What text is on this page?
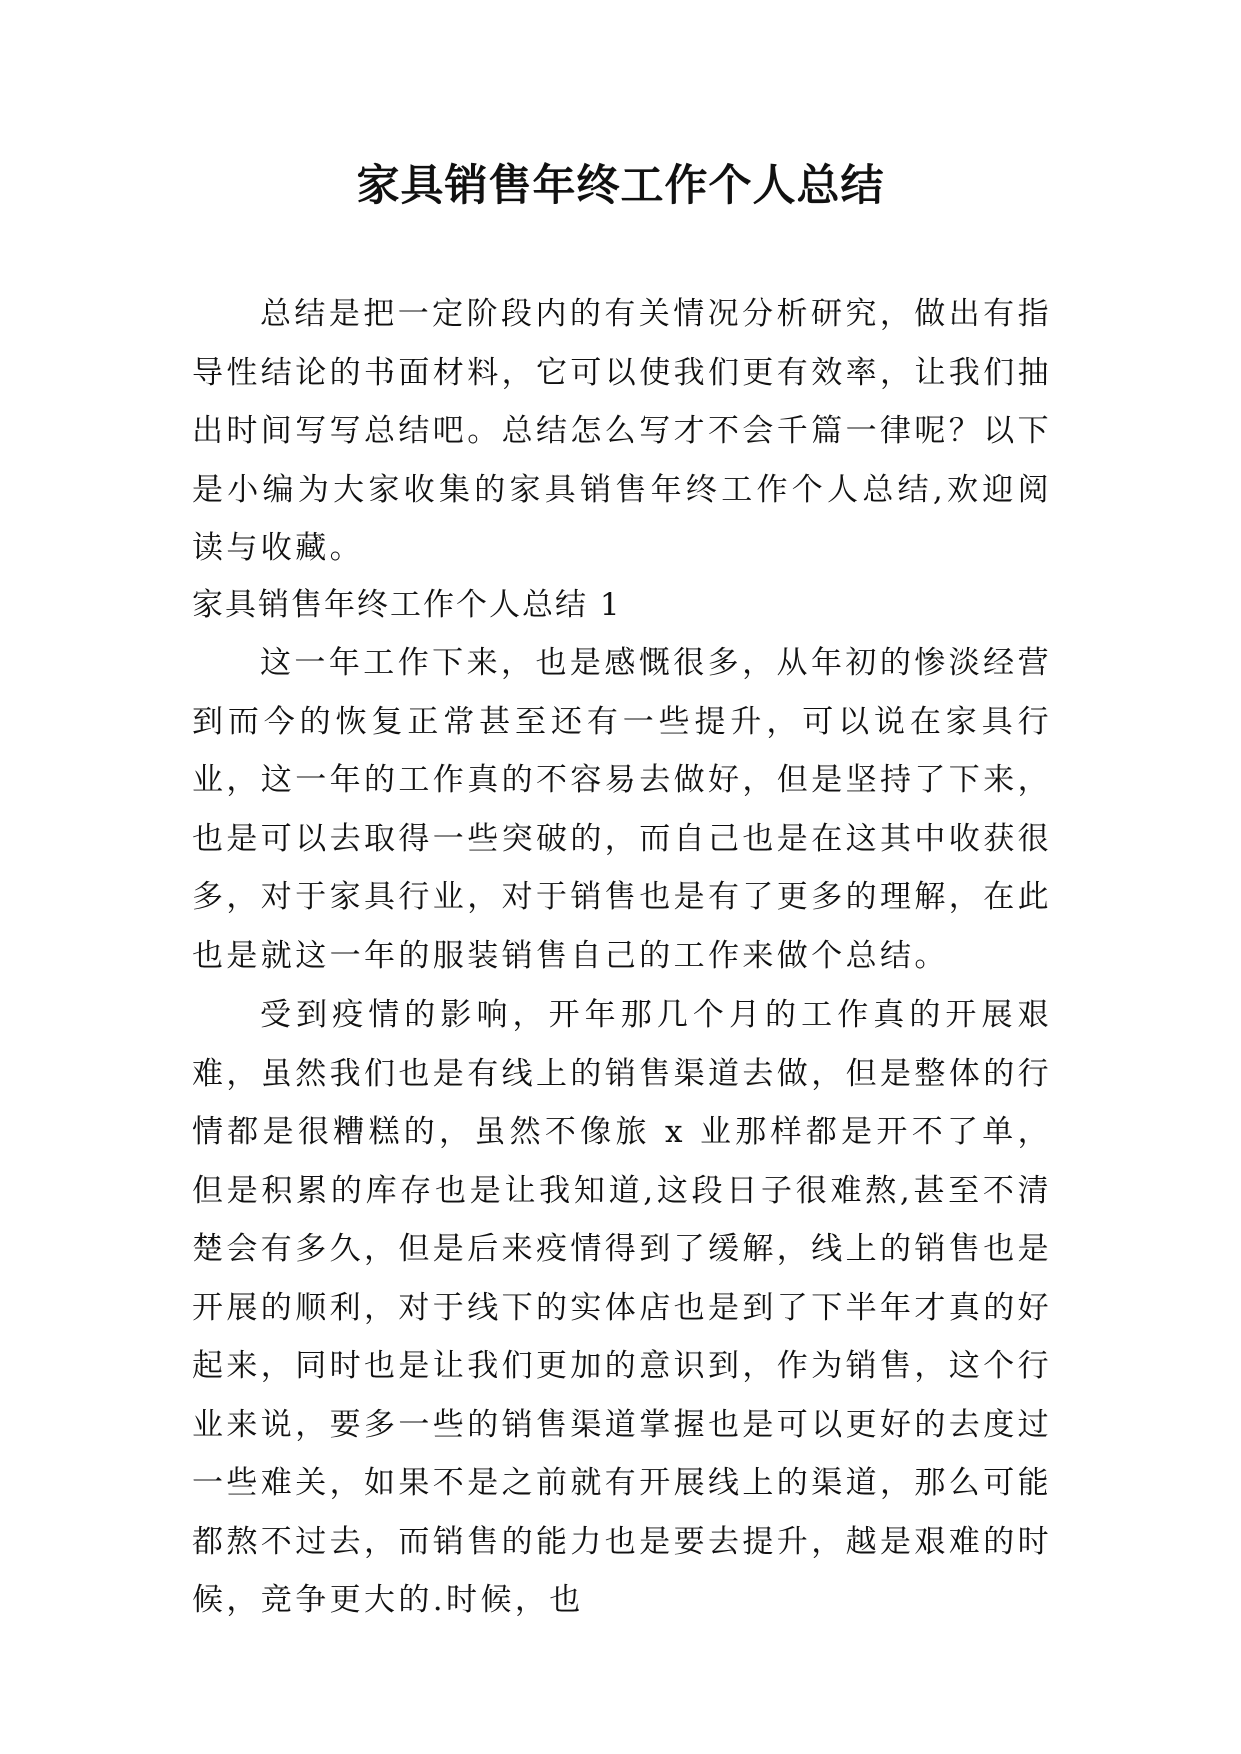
家具销售年终工作个人总结

总结是把一定阶段内的有关情况分析研究，做出有指导性结论的书面材料，它可以使我们更有效率，让我们抽出时间写写总结吧。总结怎么写才不会千篇一律呢？以下是小编为大家收集的家具销售年终工作个人总结,欢迎阅读与收藏。

家具销售年终工作个人总结 1

这一年工作下来，也是感慨很多，从年初的惨淡经营到而今的恢复正常甚至还有一些提升，可以说在家具行业，这一年的工作真的不容易去做好，但是坚持了下来，也是可以去取得一些突破的，而自己也是在这其中收获很多，对于家具行业，对于销售也是有了更多的理解，在此也是就这一年的服装销售自己的工作来做个总结。

受到疫情的影响，开年那几个月的工作真的开展艰难，虽然我们也是有线上的销售渠道去做，但是整体的行情都是很糟糕的，虽然不像旅 x 业那样都是开不了单，但是积累的库存也是让我知道,这段日子很难熬,甚至不清楚会有多久，但是后来疫情得到了缓解，线上的销售也是开展的顺利，对于线下的实体店也是到了下半年才真的好起来，同时也是让我们更加的意识到，作为销售，这个行业来说，要多一些的销售渠道掌握也是可以更好的去度过一些难关，如果不是之前就有开展线上的渠道，那么可能都熬不过去，而销售的能力也是要去提升，越是艰难的时候，竞争更大的.时候，也
